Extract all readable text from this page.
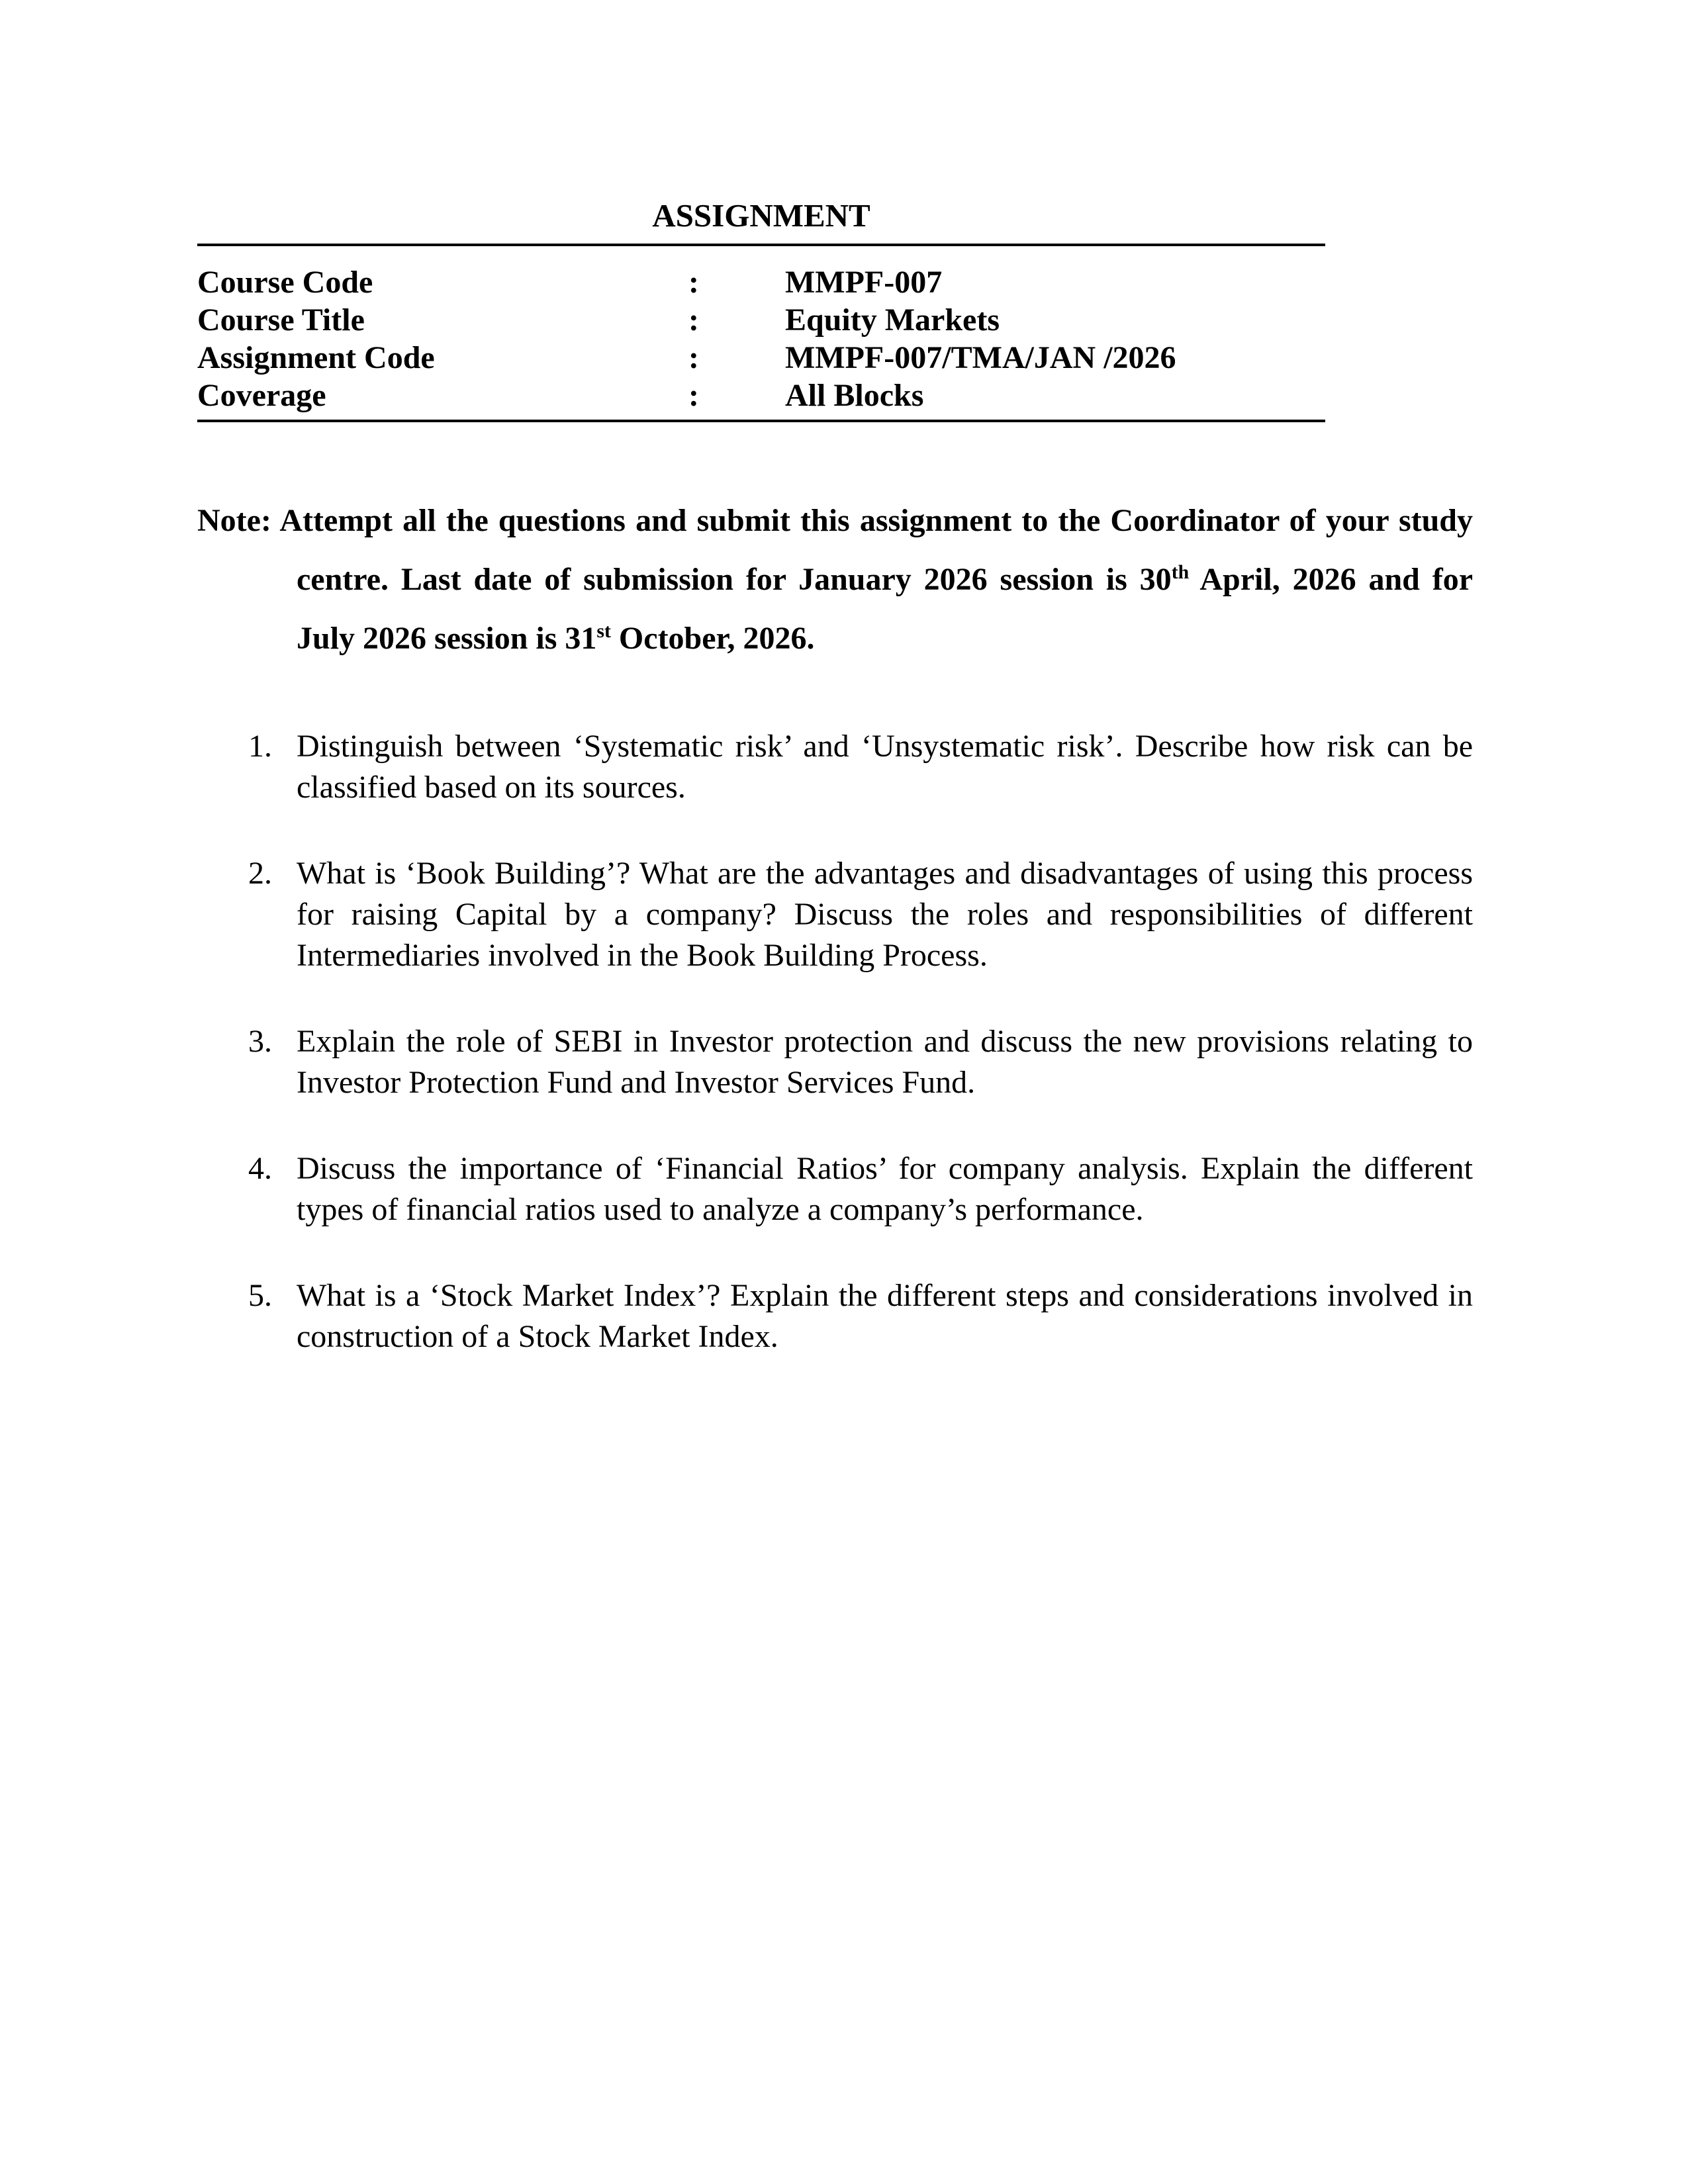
ASSIGNMENT
Course Code	:	MMPF-007
Course Title	:	Equity Markets
Assignment Code	:	MMPF-007/TMA/JAN /2026
Coverage	:	All Blocks

Note: Attempt all the questions and submit this assignment to the Coordinator of your study centre. Last date of submission for January 2026 session is 30th April, 2026 and for July 2026 session is 31st October, 2026.

1. Distinguish between ‘Systematic risk’ and ‘Unsystematic risk’. Describe how risk can be classified based on its sources.
2. What is ‘Book Building’? What are the advantages and disadvantages of using this process for raising Capital by a company? Discuss the roles and responsibilities of different Intermediaries involved in the Book Building Process.
3. Explain the role of SEBI in Investor protection and discuss the new provisions relating to Investor Protection Fund and Investor Services Fund.
4. Discuss the importance of ‘Financial Ratios’ for company analysis. Explain the different types of financial ratios used to analyze a company’s performance.
5. What is a ‘Stock Market Index’? Explain the different steps and considerations involved in construction of a Stock Market Index.
